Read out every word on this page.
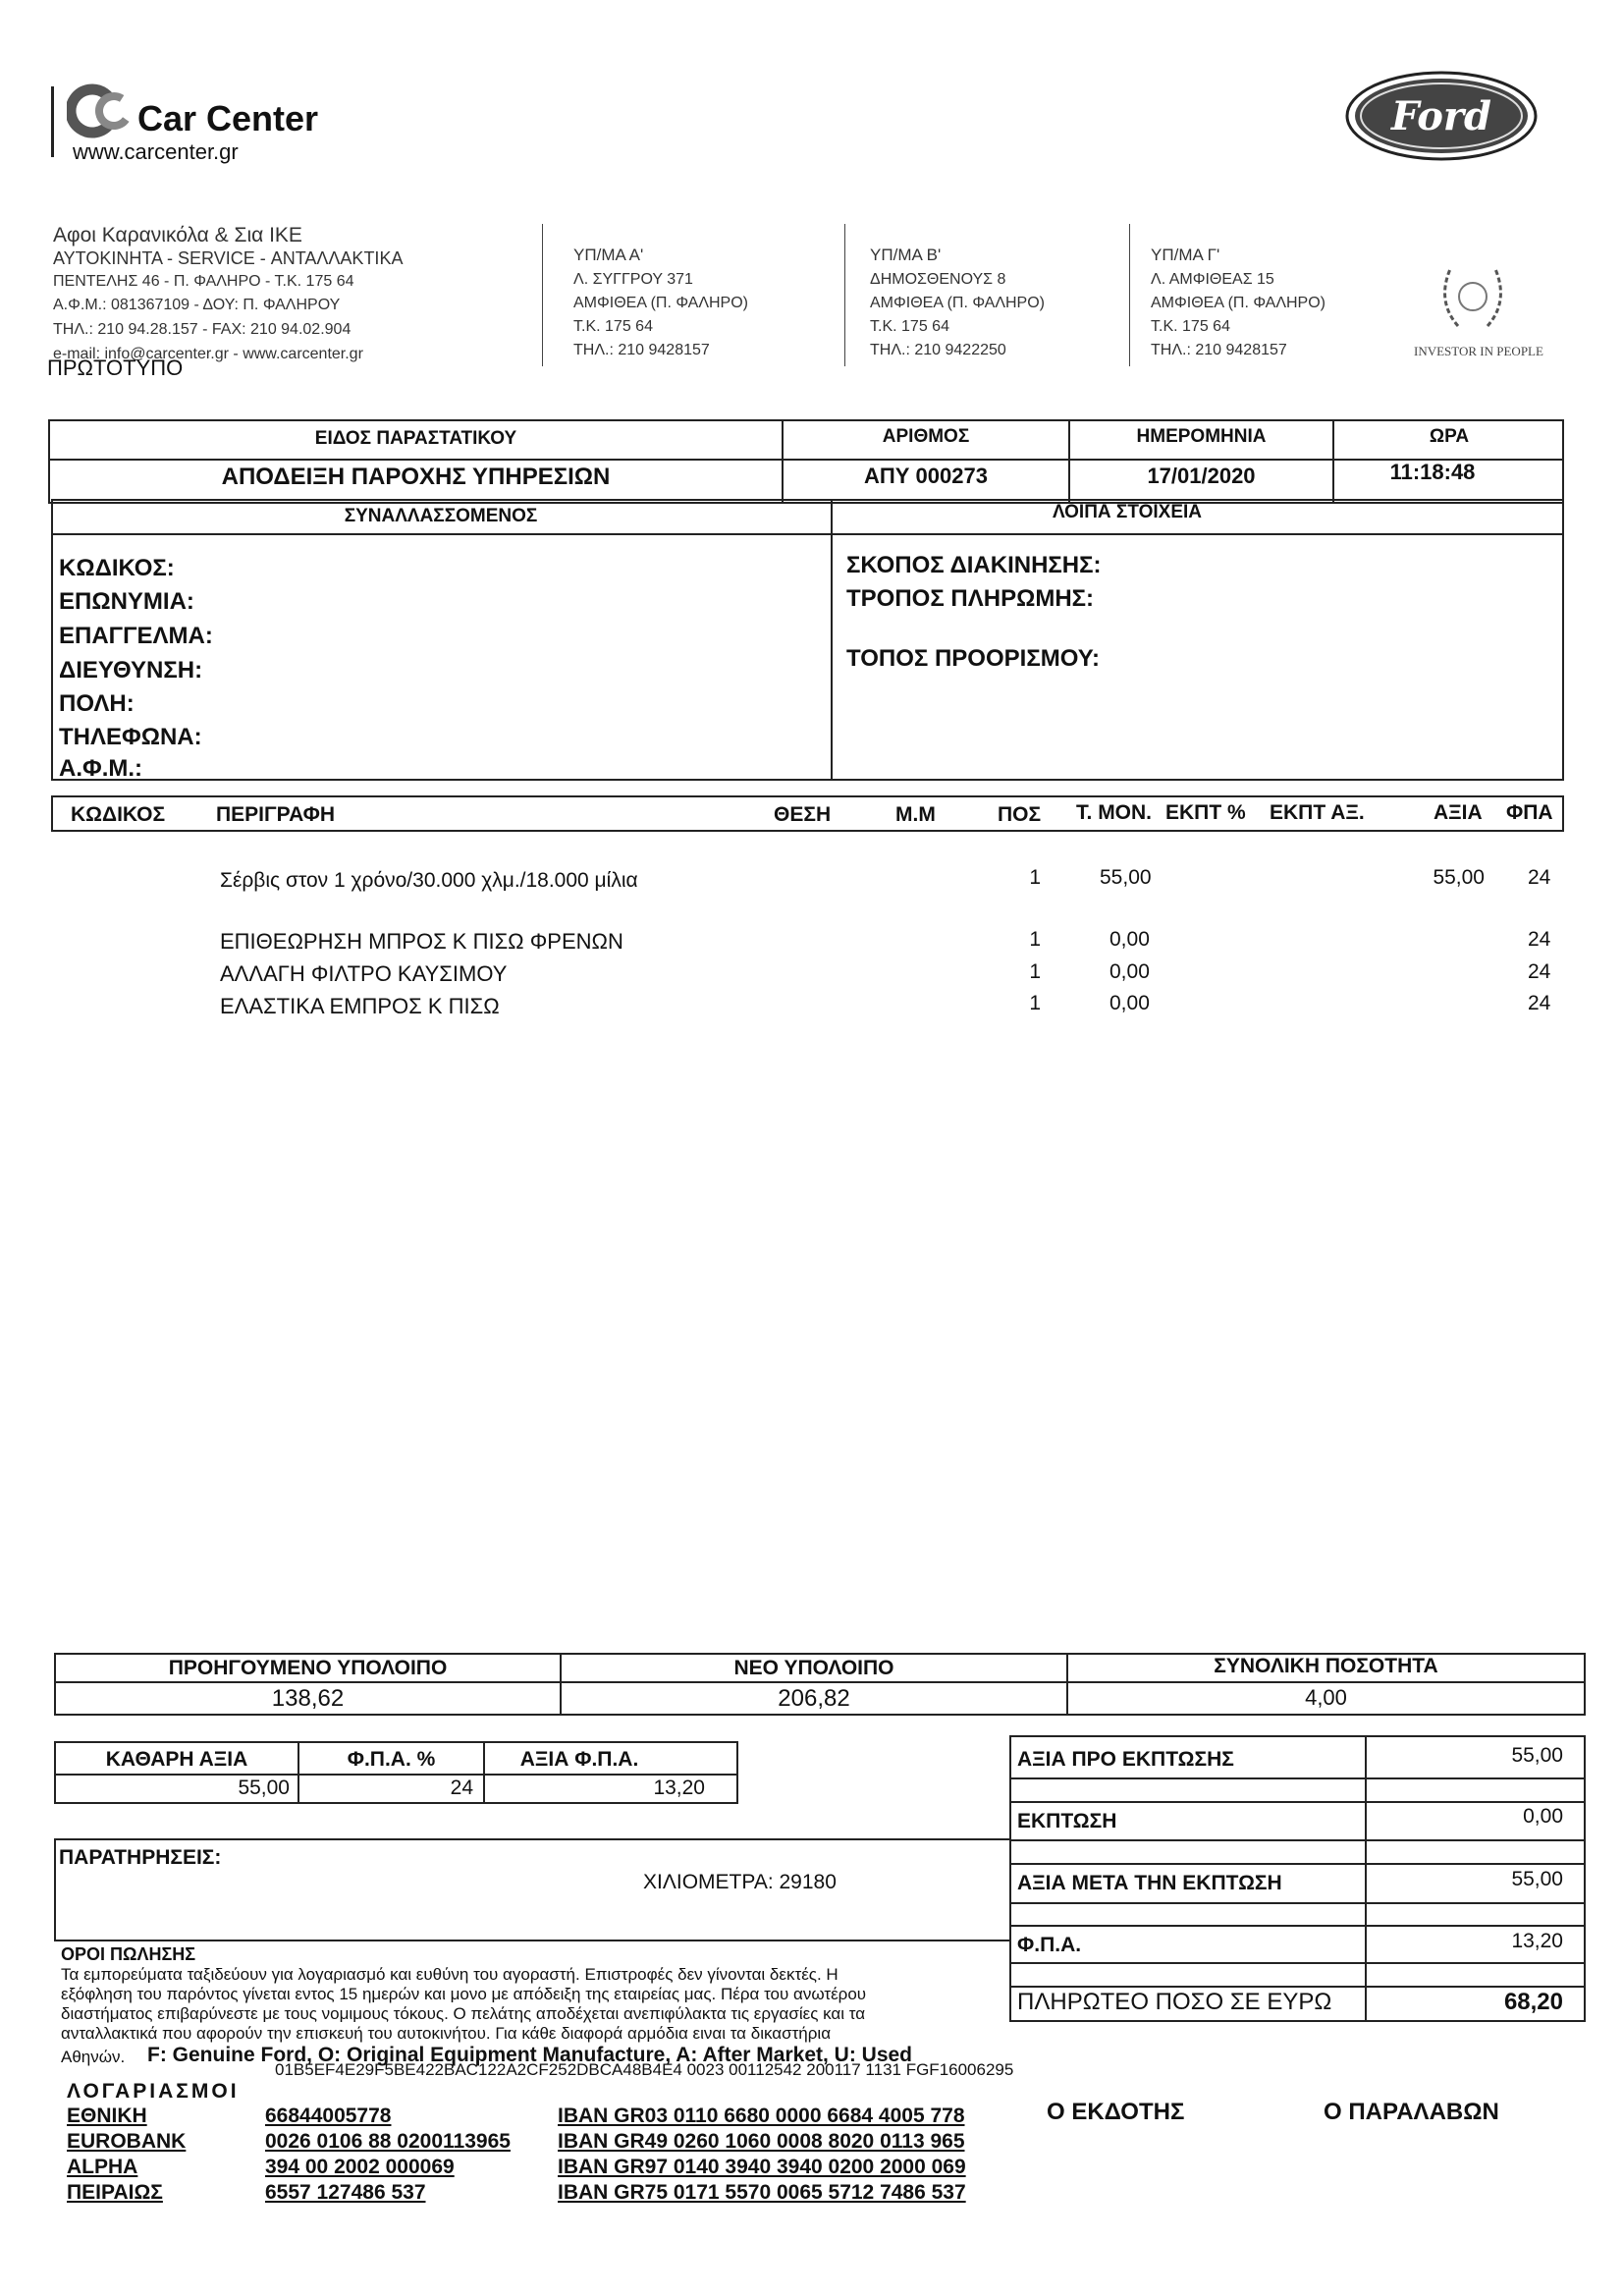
Car Center
www.carcenter.gr
Ford
Αφοι Καρανικόλα & Σια ΙΚΕ
ΑΥΤΟΚΙΝΗΤΑ - SERVICE - ΑΝΤΑΛΛΑΚΤΙΚΑ
ΠΕΝΤΕΛΗΣ 46 - Π. ΦΑΛΗΡΟ - Τ.Κ. 175 64
Α.Φ.Μ.: 081367109 - ΔΟΥ: Π. ΦΑΛΗΡΟΥ
ΤΗΛ.: 210 94.28.157 - FAX: 210 94.02.904
e-mail: info@carcenter.gr - www.carcenter.gr
ΠΡΩΤΟΤΥΠΟ
ΥΠ/ΜΑ Α'
Λ. ΣΥΓΓΡΟΥ 371
ΑΜΦΙΘΕΑ (Π. ΦΑΛΗΡΟ)
Τ.Κ. 175 64
ΤΗΛ.: 210 9428157
ΥΠ/ΜΑ Β'
ΔΗΜΟΣΘΕΝΟΥΣ 8
ΑΜΦΙΘΕΑ (Π. ΦΑΛΗΡΟ)
Τ.Κ. 175 64
ΤΗΛ.: 210 9422250
ΥΠ/ΜΑ Γ'
Λ. ΑΜΦΙΘΕΑΣ 15
ΑΜΦΙΘΕΑ (Π. ΦΑΛΗΡΟ)
Τ.Κ. 175 64
ΤΗΛ.: 210 9428157	INVESTOR IN PEOPLE
ΕΙΔΟΣ ΠΑΡΑΣΤΑΤΙΚΟΥ	ΑΡΙΘΜΟΣ	ΗΜΕΡΟΜΗΝΙΑ	ΩΡΑ
ΑΠΟΔΕΙΞΗ ΠΑΡΟΧΗΣ ΥΠΗΡΕΣΙΩΝ	ΑΠΥ 000273	17/01/2020	11:18:48
ΣΥΝΑΛΛΑΣΣΟΜΕΝΟΣ	ΛΟΙΠΑ ΣΤΟΙΧΕΙΑ
ΚΩΔΙΚΟΣ:
ΕΠΩΝΥΜΙΑ:
ΕΠΑΓΓΕΛΜΑ:
ΔΙΕΥΘΥΝΣΗ:
ΠΟΛΗ:
ΤΗΛΕΦΩΝΑ:
Α.Φ.Μ.:
ΣΚΟΠΟΣ ΔΙΑΚΙΝΗΣΗΣ:
ΤΡΟΠΟΣ ΠΛΗΡΩΜΗΣ:
ΤΟΠΟΣ ΠΡΟΟΡΙΣΜΟΥ:
ΚΩΔΙΚΟΣ ΠΕΡΙΓΡΑΦΗ	ΘΕΣΗ	Μ.Μ	ΠΟΣ Τ. ΜΟΝ. ΕΚΠΤ % ΕΚΠΤ ΑΞ.	ΑΞΙΑ ΦΠΑ
Σέρβις στον 1 χρόνο/30.000 χλμ./18.000 μίλια	1	55,00	55,00 24
ΕΠΙΘΕΩΡΗΣΗ ΜΠΡΟΣ Κ ΠΙΣΩ ΦΡΕΝΩΝ	1	0,00	24
ΑΛΛΑΓΗ ΦΙΛΤΡΟ ΚΑΥΣΙΜΟΥ	1	0,00	24
ΕΛΑΣΤΙΚΑ ΕΜΠΡΟΣ Κ ΠΙΣΩ	1	0,00	24
ΠΡΟΗΓΟΥΜΕΝΟ ΥΠΟΛΟΙΠΟ	ΝΕΟ ΥΠΟΛΟΙΠΟ	ΣΥΝΟΛΙΚΗ ΠΟΣΟΤΗΤΑ
138,62	206,82	4,00
ΚΑΘΑΡΗ ΑΞΙΑ	Φ.Π.Α. %	ΑΞΙΑ Φ.Π.Α.
55,00	24	13,20
ΑΞΙΑ ΠΡΟ ΕΚΠΤΩΣΗΣ	55,00
ΕΚΠΤΩΣΗ	0,00
ΑΞΙΑ ΜΕΤΑ ΤΗΝ ΕΚΠΤΩΣΗ	55,00
Φ.Π.Α.	13,20
ΠΛΗΡΩΤΕΟ ΠΟΣΟ ΣΕ ΕΥΡΩ	68,20
ΠΑΡΑΤΗΡΗΣΕΙΣ:
ΧΙΛΙΟΜΕΤΡΑ: 29180
ΟΡΟΙ ΠΩΛΗΣΗΣ
Τα εμπορεύματα ταξιδεύουν για λογαριασμό και ευθύνη του αγοραστή. Επιστροφές δεν γίνονται δεκτές. Η
εξόφληση του παρόντος γίνεται εντος 15 ημερών και μονο με απόδειξη της εταιρείας μας. Πέρα του ανωτέρου
διαστήματος επιβαρύνεστε με τους νομιμους τόκους. Ο πελάτης αποδέχεται ανεπιφύλακτα τις εργασίες και τα
ανταλλακτικά που αφορούν την επισκευή του αυτοκινήτου. Για κάθε διαφορά αρμόδια ειναι τα δικαστήρια
Αθηνών. F: Genuine Ford, O: Original Equipment Manufacture, A: After Market, U: Used
01B5EF4E29F5BE422BAC122A2CF252DBCA48B4E4 0023 00112542 200117 1131 FGF16006295
ΛΟΓΑΡΙΑΣΜΟΙ
ΕΘΝΙΚΗ	66844005778	IBAN GR03 0110 6680 0000 6684 4005 778
EUROBANK	0026 0106 88 0200113965 IBAN GR49 0260 1060 0008 8020 0113 965
ALPHA	394 00 2002 000069	IBAN GR97 0140 3940 3940 0200 2000 069
ΠΕΙΡΑΙΩΣ	6557 127486 537	IBAN GR75 0171 5570 0065 5712 7486 537
Ο ΕΚΔΟΤΗΣ	Ο ΠΑΡΑΛΑΒΩΝ
